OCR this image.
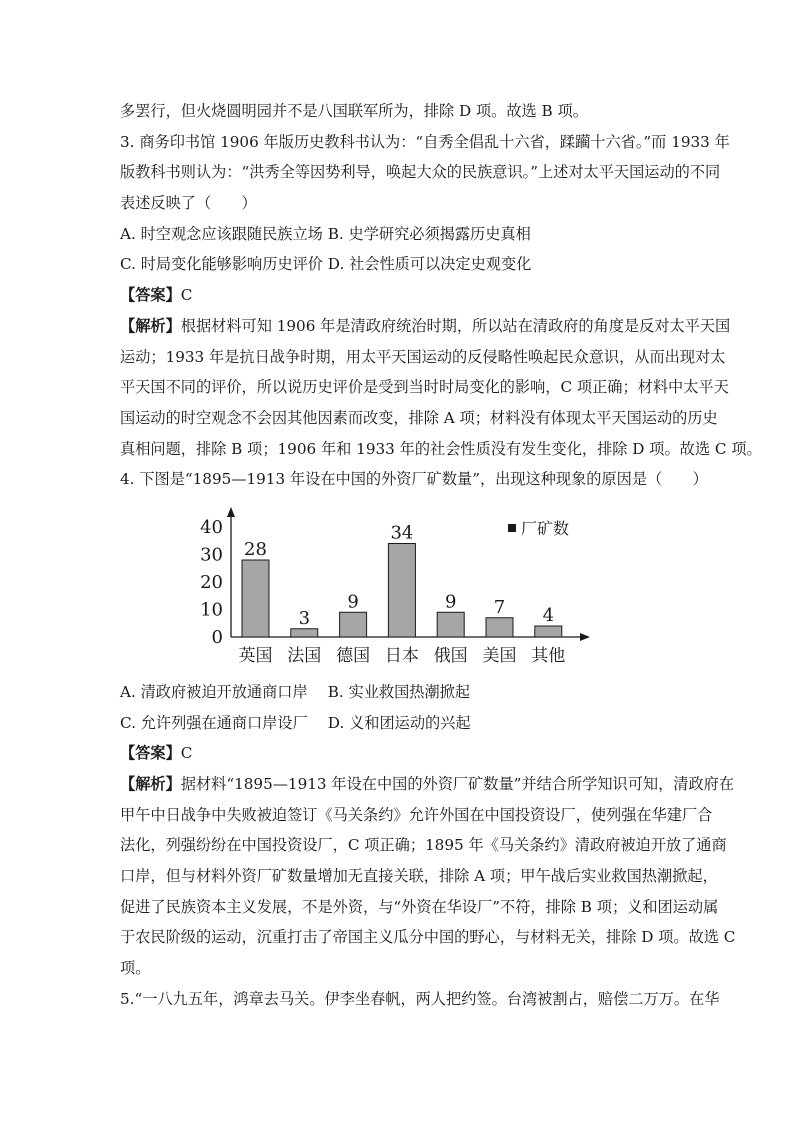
多罢行，但火烧圆明园并不是八国联军所为，排除 D 项。故选 B 项。
3. 商务印书馆 1906 年版历史教科书认为：“自秀全倡乱十六省，蹂躏十六省。”而 1933 年
版教科书则认为：“洪秀全等因势利导，唤起大众的民族意识。”上述对太平天国运动的不同
表述反映了（　　）
A. 时空观念应该跟随民族立场 B. 史学研究必须揭露历史真相
C. 时局变化能够影响历史评价 D. 社会性质可以决定史观变化
【答案】C
【解析】根据材料可知 1906 年是清政府统治时期，所以站在清政府的角度是反对太平天国
运动；1933 年是抗日战争时期，用太平天国运动的反侵略性唤起民众意识，从而出现对太
平天国不同的评价，所以说历史评价是受到当时时局变化的影响，C 项正确；材料中太平天
国运动的时空观念不会因其他因素而改变，排除 A 项；材料没有体现太平天国运动的历史
真相问题，排除 B 项；1906 年和 1933 年的社会性质没有发生变化，排除 D 项。故选 C 项。
4. 下图是“1895—1913 年设在中国的外资厂矿数量”，出现这种现象的原因是（　　）
0
10
20
30
40
28
3
9
34
9 7 4
英国 法国 德国 日本 俄国 美国 其他
厂矿数
A. 清政府被迫开放通商口岸　 B. 实业救国热潮掀起
C. 允许列强在通商口岸设厂　 D. 义和团运动的兴起
【答案】C
【解析】据材料“1895—1913 年设在中国的外资厂矿数量”并结合所学知识可知，清政府在
甲午中日战争中失败被迫签订《马关条约》允许外国在中国投资设厂，使列强在华建厂合
法化，列强纷纷在中国投资设厂，C 项正确；1895 年《马关条约》清政府被迫开放了通商
口岸，但与材料外资厂矿数量增加无直接关联，排除 A 项；甲午战后实业救国热潮掀起，
促进了民族资本主义发展，不是外资，与“外资在华设厂”不符，排除 B 项；义和团运动属
于农民阶级的运动，沉重打击了帝国主义瓜分中国的野心，与材料无关，排除 D 项。故选 C
项。
5.“一八九五年，鸿章去马关。伊李坐春帆，两人把约签。台湾被割占，赔偿二万万。在华
